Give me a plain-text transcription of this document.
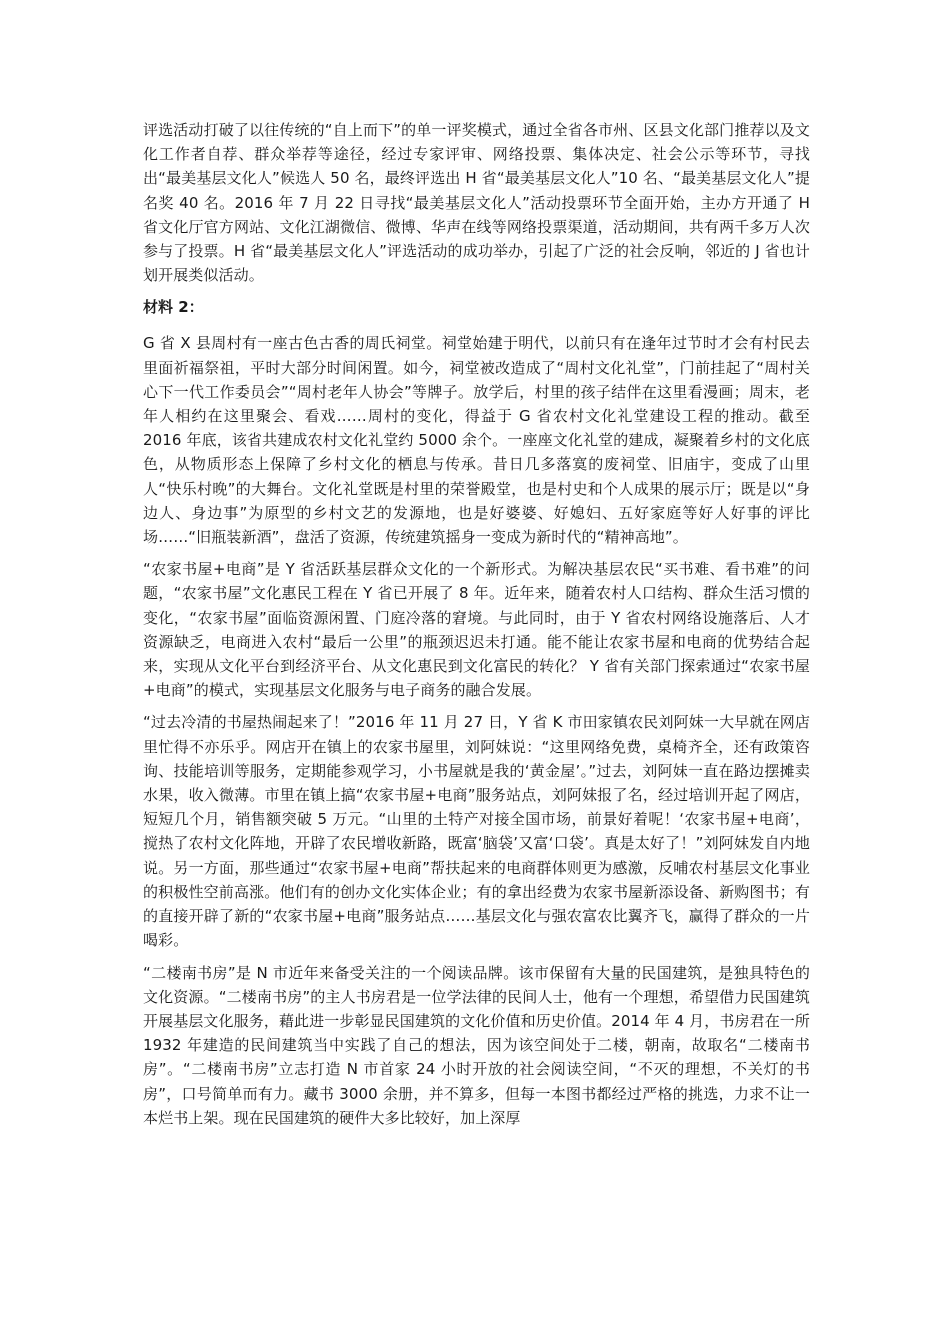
评选活动打破了以往传统的“自上而下”的单一评奖模式，通过全省各市州、区县文化部门推荐以及文化工作者自荐、群众举荐等途径，经过专家评审、网络投票、集体决定、社会公示等环节，寻找出“最美基层文化人”候选人 50 名，最终评选出 H 省“最美基层文化人”10 名、“最美基层文化人”提名奖 40 名。2016 年 7 月 22 日寻找“最美基层文化人”活动投票环节全面开始，主办方开通了 H 省文化厅官方网站、文化江湖微信、微博、华声在线等网络投票渠道，活动期间，共有两千多万人次参与了投票。H 省“最美基层文化人”评选活动的成功举办，引起了广泛的社会反响，邻近的 J 省也计划开展类似活动。

材料 2：

G 省 X 县周村有一座古色古香的周氏祠堂。祠堂始建于明代，以前只有在逢年过节时才会有村民去里面祈福祭祖，平时大部分时间闲置。如今，祠堂被改造成了“周村文化礼堂”，门前挂起了“周村关心下一代工作委员会”“周村老年人协会”等牌子。放学后，村里的孩子结伴在这里看漫画；周末，老年人相约在这里聚会、看戏……周村的变化，得益于 G 省农村文化礼堂建设工程的推动。截至 2016 年底，该省共建成农村文化礼堂约 5000 余个。一座座文化礼堂的建成，凝聚着乡村的文化底色，从物质形态上保障了乡村文化的栖息与传承。昔日几多落寞的废祠堂、旧庙宇，变成了山里人“快乐村晚”的大舞台。文化礼堂既是村里的荣誉殿堂，也是村史和个人成果的展示厅；既是以“身边人、身边事”为原型的乡村文艺的发源地，也是好婆婆、好媳妇、五好家庭等好人好事的评比场……“旧瓶装新酒”，盘活了资源，传统建筑摇身一变成为新时代的“精神高地”。

“农家书屋+电商”是 Y 省活跃基层群众文化的一个新形式。为解决基层农民“买书难、看书难”的问题，“农家书屋”文化惠民工程在 Y 省已开展了 8 年。近年来，随着农村人口结构、群众生活习惯的变化，“农家书屋”面临资源闲置、门庭冷落的窘境。与此同时，由于 Y 省农村网络设施落后、人才资源缺乏，电商进入农村“最后一公里”的瓶颈迟迟未打通。能不能让农家书屋和电商的优势结合起来，实现从文化平台到经济平台、从文化惠民到文化富民的转化？ Y 省有关部门探索通过“农家书屋+电商”的模式，实现基层文化服务与电子商务的融合发展。

“过去冷清的书屋热闹起来了！”2016 年 11 月 27 日，Y 省 K 市田家镇农民刘阿妹一大早就在网店里忙得不亦乐乎。网店开在镇上的农家书屋里，刘阿妹说：“这里网络免费，桌椅齐全，还有政策咨询、技能培训等服务，定期能参观学习，小书屋就是我的‘黄金屋’。”过去，刘阿妹一直在路边摆摊卖水果，收入微薄。市里在镇上搞“农家书屋+电商”服务站点，刘阿妹报了名，经过培训开起了网店，短短几个月，销售额突破 5 万元。“山里的土特产对接全国市场，前景好着呢！‘农家书屋+电商’，搅热了农村文化阵地，开辟了农民增收新路，既富‘脑袋’又富‘口袋’。真是太好了！”刘阿妹发自内地说。另一方面，那些通过“农家书屋+电商”帮扶起来的电商群体则更为感激，反哺农村基层文化事业的积极性空前高涨。他们有的创办文化实体企业；有的拿出经费为农家书屋新添设备、新购图书；有的直接开辟了新的“农家书屋+电商”服务站点……基层文化与强农富农比翼齐飞，赢得了群众的一片喝彩。

“二楼南书房”是 N 市近年来备受关注的一个阅读品牌。该市保留有大量的民国建筑，是独具特色的文化资源。“二楼南书房”的主人书房君是一位学法律的民间人士，他有一个理想，希望借力民国建筑开展基层文化服务，藉此进一步彰显民国建筑的文化价值和历史价值。2014 年 4 月，书房君在一所 1932 年建造的民间建筑当中实践了自己的想法，因为该空间处于二楼，朝南，故取名“二楼南书房”。“二楼南书房”立志打造 N 市首家 24 小时开放的社会阅读空间，“不灭的理想，不关灯的书房”，口号简单而有力。藏书 3000 余册，并不算多，但每一本图书都经过严格的挑选，力求不让一本烂书上架。现在民国建筑的硬件大多比较好，加上深厚
